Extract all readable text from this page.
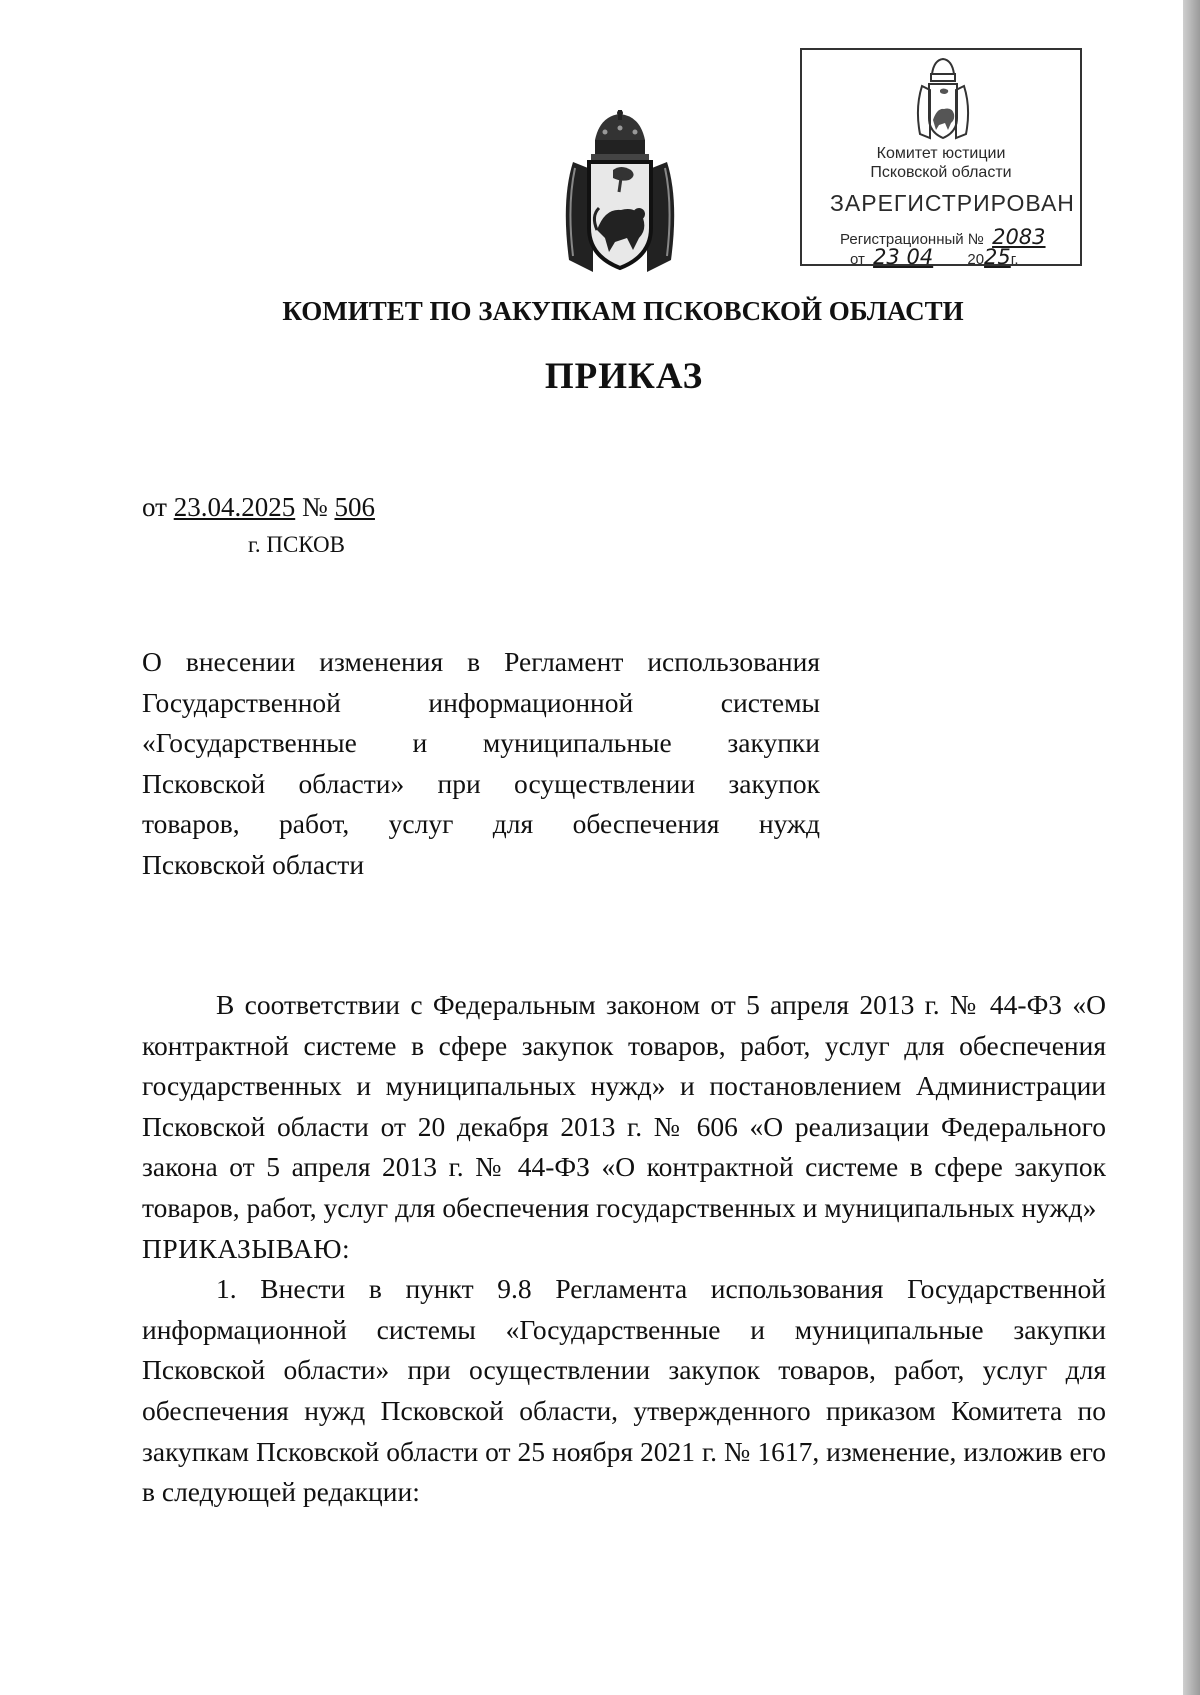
Комитет юстиции
Псковской области
ЗАРЕГИСТРИРОВАН
Регистрационный № 2083
от 23 04 2025г.
КОМИТЕТ ПО ЗАКУПКАМ ПСКОВСКОЙ ОБЛАСТИ
ПРИКАЗ
от 23.04.2025 № 506
г. ПСКОВ
О внесении изменения в Регламент использования
Государственной информационной системы
«Государственные и муниципальные закупки
Псковской области» при осуществлении закупок
товаров, работ, услуг для обеспечения нужд
Псковской области

В соответствии с Федеральным законом от 5 апреля 2013 г. № 44-ФЗ «О контрактной системе в сфере закупок товаров, работ, услуг для обеспечения государственных и муниципальных нужд» и постановлением Администрации Псковской области от 20 декабря 2013 г. № 606 «О реализации Федерального закона от 5 апреля 2013 г. № 44-ФЗ «О контрактной системе в сфере закупок товаров, работ, услуг для обеспечения государственных и муниципальных нужд»

ПРИКАЗЫВАЮ:

1. Внести в пункт 9.8 Регламента использования Государственной информационной системы «Государственные и муниципальные закупки Псковской области» при осуществлении закупок товаров, работ, услуг для обеспечения нужд Псковской области, утвержденного приказом Комитета по закупкам Псковской области от 25 ноября 2021 г. № 1617, изменение, изложив его в следующей редакции:
